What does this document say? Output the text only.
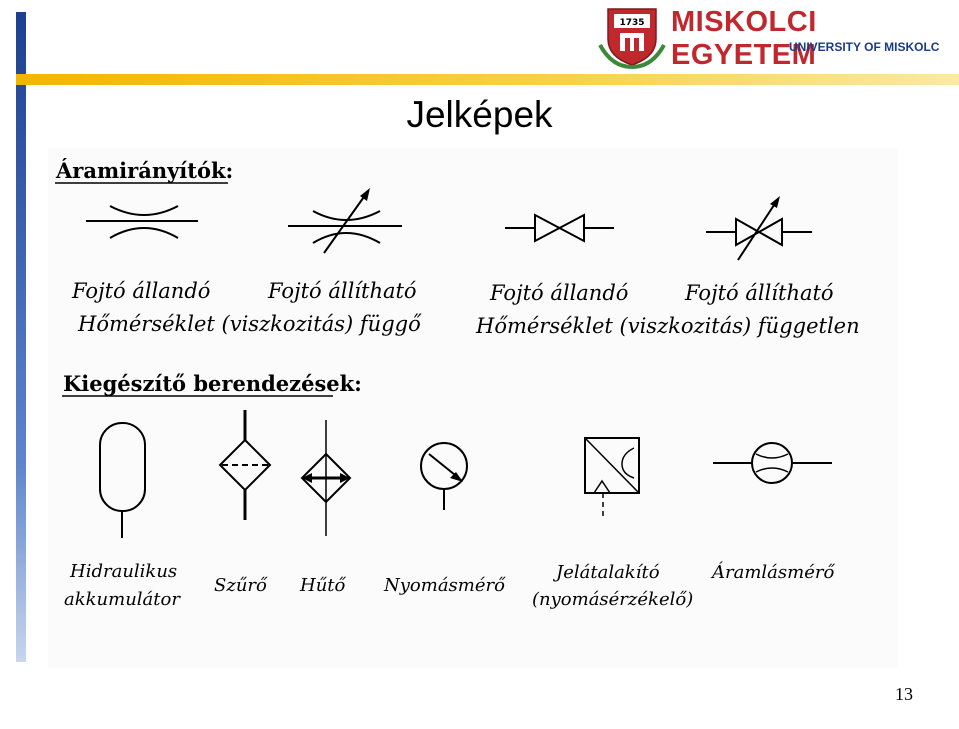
1735 MISKOLCI EGYETEM
UNIVERSITY OF MISKOLC
Jelképek
Áramirányítók:
Fojtó állandó	Fojtó állítható	Fojtó állandó	Fojtó állítható
Hőmérséklet (viszkozitás) függő	Hőmérséklet (viszkozitás) független
Kiegészítő berendezések:
Hidraulikus
akkumulátor
Szűrő Hűtő Nyomásmérő
Jelátalakító
(nyomásérzékelő)
Áramlásmérő
13
